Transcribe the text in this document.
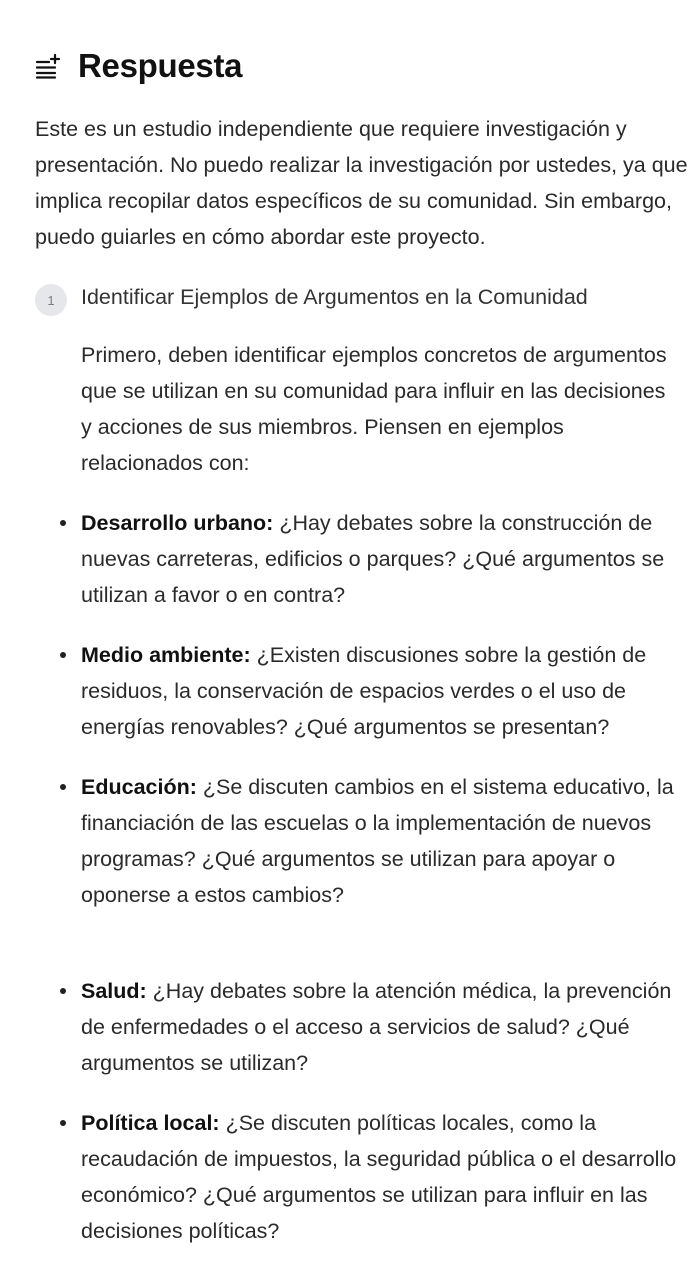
Respuesta

Este es un estudio independiente que requiere investigación y presentación. No puedo realizar la investigación por ustedes, ya que implica recopilar datos específicos de su comunidad. Sin embargo, puedo guiarles en cómo abordar este proyecto.

1	Identificar Ejemplos de Argumentos en la Comunidad

Primero, deben identificar ejemplos concretos de argumentos que se utilizan en su comunidad para influir en las decisiones y acciones de sus miembros. Piensen en ejemplos relacionados con:

Desarrollo urbano: ¿Hay debates sobre la construcción de nuevas carreteras, edificios o parques? ¿Qué argumentos se utilizan a favor o en contra?
Medio ambiente: ¿Existen discusiones sobre la gestión de residuos, la conservación de espacios verdes o el uso de energías renovables? ¿Qué argumentos se presentan?
Educación: ¿Se discuten cambios en el sistema educativo, la financiación de las escuelas o la implementación de nuevos programas? ¿Qué argumentos se utilizan para apoyar o oponerse a estos cambios?
Salud: ¿Hay debates sobre la atención médica, la prevención de enfermedades o el acceso a servicios de salud? ¿Qué argumentos se utilizan?
Política local: ¿Se discuten políticas locales, como la recaudación de impuestos, la seguridad pública o el desarrollo económico? ¿Qué argumentos se utilizan para influir en las decisiones políticas?
